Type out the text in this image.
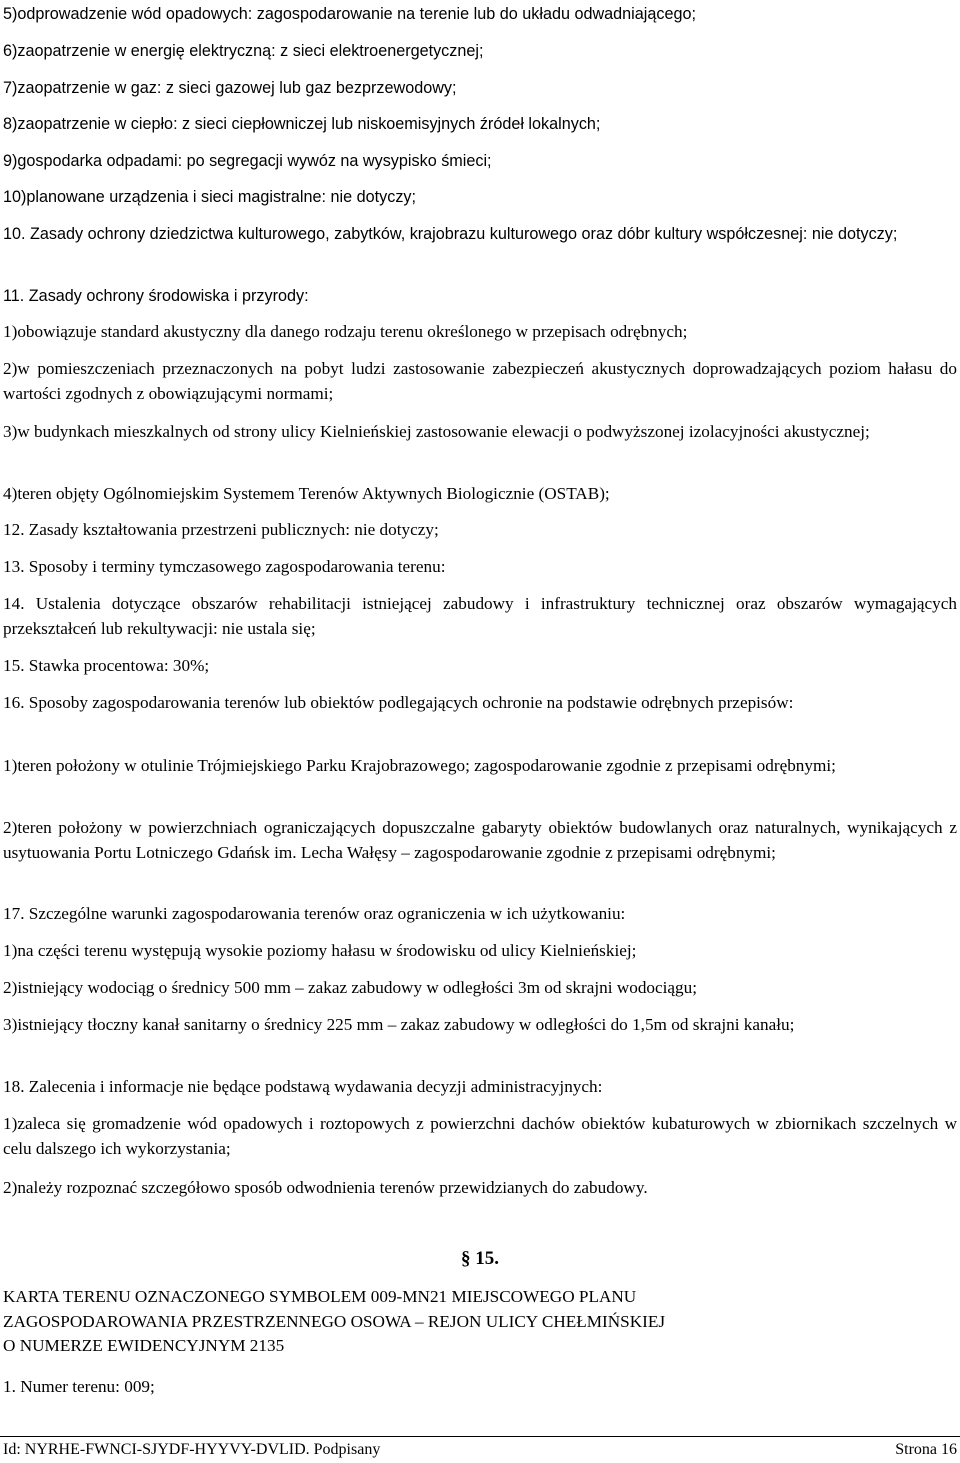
5)odprowadzenie wód opadowych: zagospodarowanie na terenie lub do układu odwadniającego;
6)zaopatrzenie w energię elektryczną: z sieci elektroenergetycznej;
7)zaopatrzenie w gaz: z sieci gazowej lub gaz bezprzewodowy;
8)zaopatrzenie w ciepło: z sieci ciepłowniczej lub niskoemisyjnych źródeł lokalnych;
9)gospodarka odpadami: po segregacji wywóz na wysypisko śmieci;
10)planowane urządzenia i sieci magistralne: nie dotyczy;
10. Zasady ochrony dziedzictwa kulturowego, zabytków, krajobrazu kulturowego oraz dóbr kultury współczesnej: nie dotyczy;
11. Zasady ochrony środowiska i przyrody:
1)obowiązuje standard akustyczny dla danego rodzaju terenu określonego w przepisach odrębnych;
2)w pomieszczeniach przeznaczonych na pobyt ludzi zastosowanie zabezpieczeń akustycznych doprowadzających poziom hałasu do wartości zgodnych z obowiązującymi normami;
3)w budynkach mieszkalnych od strony ulicy Kielnieńskiej zastosowanie elewacji o podwyższonej izolacyjności akustycznej;
4)teren objęty Ogólnomiejskim Systemem Terenów Aktywnych Biologicznie (OSTAB);
12. Zasady kształtowania przestrzeni publicznych: nie dotyczy;
13. Sposoby i terminy tymczasowego zagospodarowania terenu:
14. Ustalenia dotyczące obszarów rehabilitacji istniejącej zabudowy i infrastruktury technicznej oraz obszarów wymagających przekształceń lub rekultywacji: nie ustala się;
15. Stawka procentowa: 30%;
16. Sposoby zagospodarowania terenów lub obiektów podlegających ochronie na podstawie odrębnych przepisów:
1)teren położony w otulinie Trójmiejskiego Parku Krajobrazowego; zagospodarowanie zgodnie z przepisami odrębnymi;
2)teren położony w powierzchniach ograniczających dopuszczalne gabaryty obiektów budowlanych oraz naturalnych, wynikających z usytuowania Portu Lotniczego Gdańsk im. Lecha Wałęsy – zagospodarowanie zgodnie z przepisami odrębnymi;
17. Szczególne warunki zagospodarowania terenów oraz ograniczenia w ich użytkowaniu:
1)na części terenu występują wysokie poziomy hałasu w środowisku od ulicy Kielnieńskiej;
2)istniejący wodociąg o średnicy 500 mm – zakaz zabudowy w odległości 3m od skrajni wodociągu;
3)istniejący tłoczny kanał sanitarny o średnicy 225 mm – zakaz zabudowy w odległości do 1,5m od skrajni kanału;
18. Zalecenia i informacje nie będące podstawą wydawania decyzji administracyjnych:
1)zaleca się gromadzenie wód opadowych i roztopowych z powierzchni dachów obiektów kubaturowych w zbiornikach szczelnych w celu dalszego ich wykorzystania;
2)należy rozpoznać szczegółowo sposób odwodnienia terenów przewidzianych do zabudowy.
KARTA TERENU OZNACZONEGO SYMBOLEM 009-MN21 MIEJSCOWEGO PLANU
ZAGOSPODAROWANIA PRZESTRZENNEGO OSOWA – REJON ULICY CHEŁMIŃSKIEJ
O NUMERZE EWIDENCYJNYM 2135
1. Numer terenu: 009;
§ 15.
Id: NYRHE-FWNCI-SJYDF-HYYVY-DVLID. Podpisany	Strona 16
